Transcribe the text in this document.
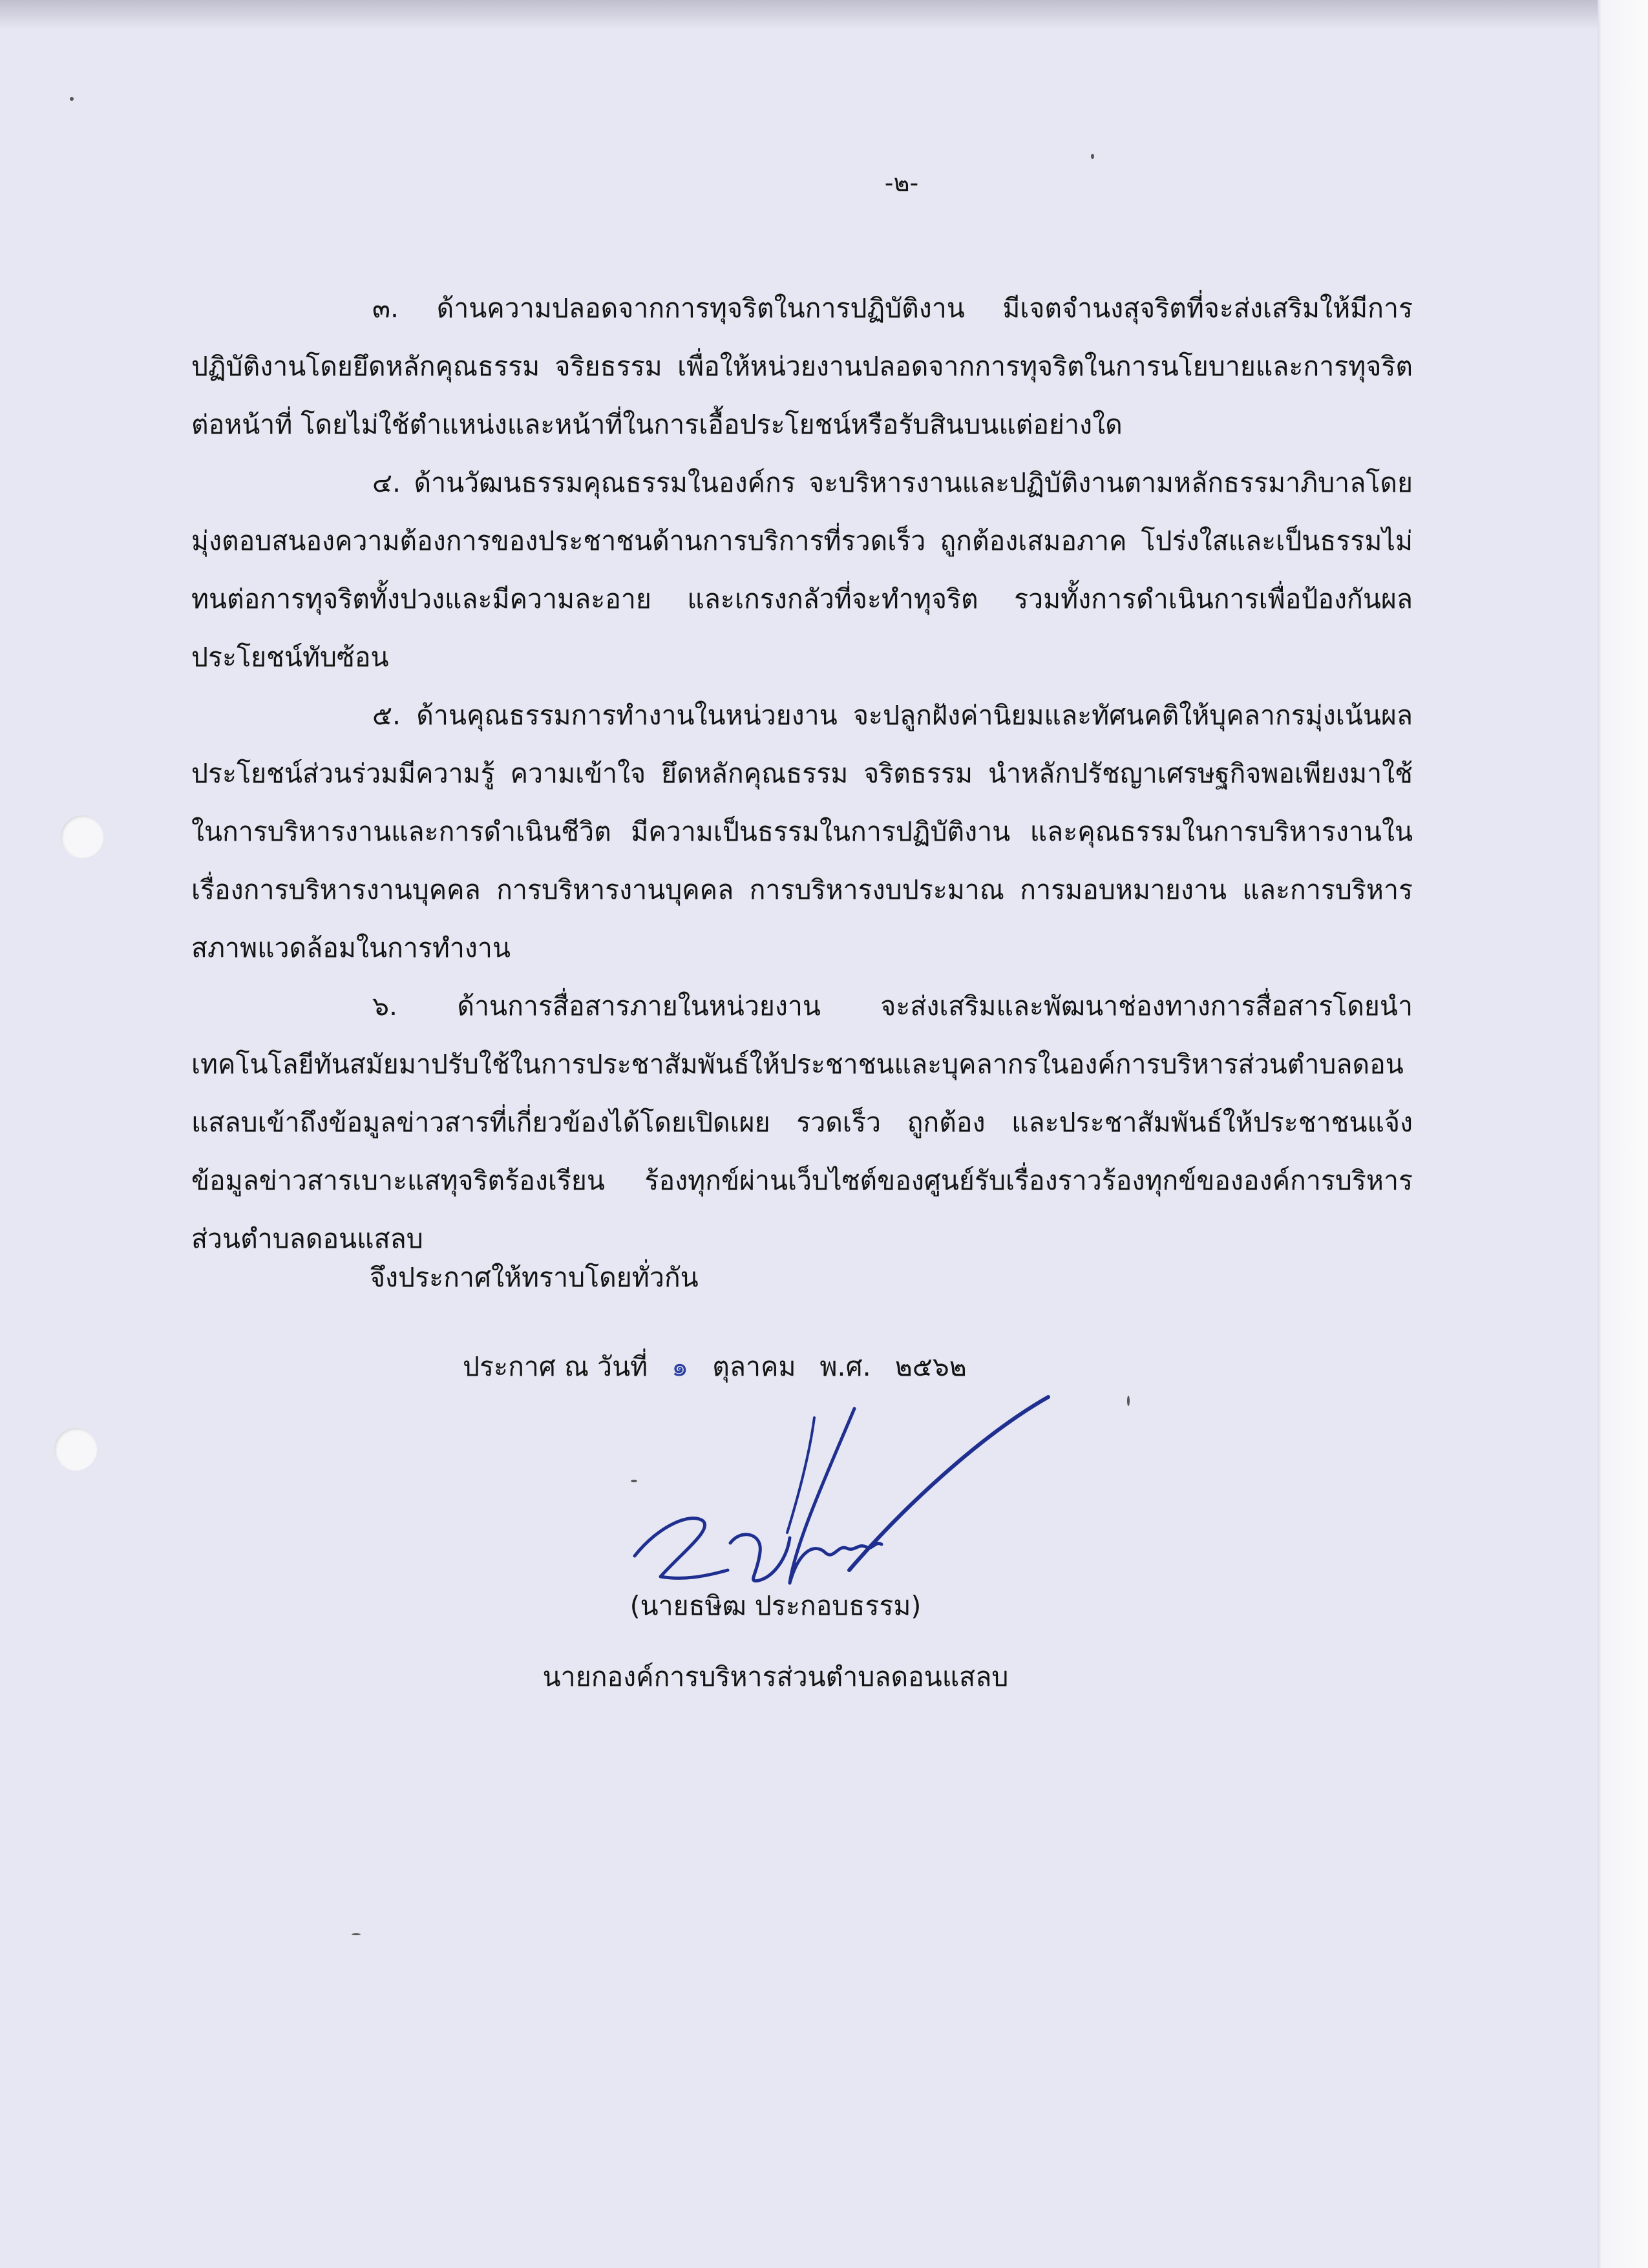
-๒-

๓. ด้านความปลอดจากการทุจริตในการปฏิบัติงาน มีเจตจำนงสุจริตที่จะส่งเสริมให้มีการปฏิบัติงานโดยยึดหลักคุณธรรม จริยธรรม เพื่อให้หน่วยงานปลอดจากการทุจริตในการนโยบายและการทุจริตต่อหน้าที่ โดยไม่ใช้ตำแหน่งและหน้าที่ในการเอื้อประโยชน์หรือรับสินบนแต่อย่างใด

๔. ด้านวัฒนธรรมคุณธรรมในองค์กร จะบริหารงานและปฏิบัติงานตามหลักธรรมาภิบาลโดยมุ่งตอบสนองความต้องการของประชาชนด้านการบริการที่รวดเร็ว ถูกต้องเสมอภาค โปร่งใสและเป็นธรรมไม่ทนต่อการทุจริตทั้งปวงและมีความละอาย และเกรงกลัวที่จะทำทุจริต รวมทั้งการดำเนินการเพื่อป้องกันผลประโยชน์ทับซ้อน

๕. ด้านคุณธรรมการทำงานในหน่วยงาน จะปลูกฝังค่านิยมและทัศนคติให้บุคลากรมุ่งเน้นผลประโยชน์ส่วนร่วมมีความรู้ ความเข้าใจ ยึดหลักคุณธรรม จริตธรรม นำหลักปรัชญาเศรษฐกิจพอเพียงมาใช้ในการบริหารงานและการดำเนินชีวิต มีความเป็นธรรมในการปฏิบัติงาน และคุณธรรมในการบริหารงานในเรื่องการบริหารงานบุคคล การบริหารงานบุคคล การบริหารงบประมาณ การมอบหมายงาน และการบริหารสภาพแวดล้อมในการทำงาน

๖. ด้านการสื่อสารภายในหน่วยงาน จะส่งเสริมและพัฒนาช่องทางการสื่อสารโดยนำเทคโนโลยีทันสมัยมาปรับใช้ในการประชาสัมพันธ์ให้ประชาชนและบุคลากรในองค์การบริหารส่วนตำบลดอนแสลบเข้าถึงข้อมูลข่าวสารที่เกี่ยวข้องได้โดยเปิดเผย รวดเร็ว ถูกต้อง และประชาสัมพันธ์ให้ประชาชนแจ้งข้อมูลข่าวสารเบาะแสทุจริตร้องเรียน ร้องทุกข์ผ่านเว็บไซต์ของศูนย์รับเรื่องราวร้องทุกข์ขององค์การบริหารส่วนตำบลดอนแสลบ

จึงประกาศให้ทราบโดยทั่วกัน
ประกาศ ณ วันที่ ๑ ตุลาคม พ.ศ. ๒๕๖๒
(นายธษิฒ ประกอบธรรม)
นายกองค์การบริหารส่วนตำบลดอนแสลบ
